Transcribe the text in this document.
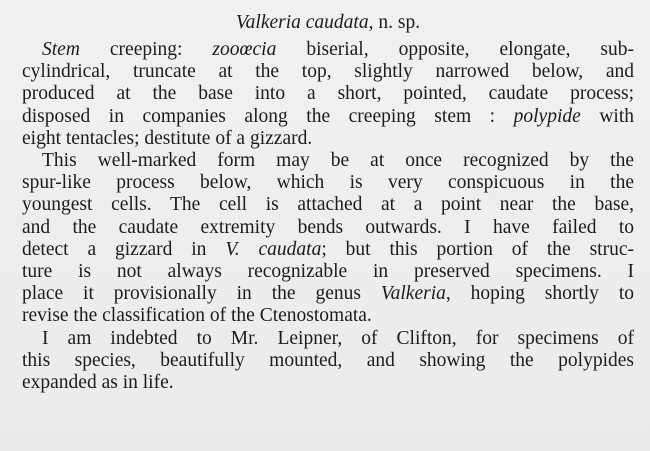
Valkeria caudata, n. sp.
Stem creeping: zooœcia biserial, opposite, elongate, sub-
cylindrical, truncate at the top, slightly narrowed below, and
produced at the base into a short, pointed, caudate process;
disposed in companies along the creeping stem : polypide with
eight tentacles; destitute of a gizzard.
This well-marked form may be at once recognized by the
spur-like process below, which is very conspicuous in the
youngest cells. The cell is attached at a point near the base,
and the caudate extremity bends outwards. I have failed to
detect a gizzard in V. caudata; but this portion of the struc-
ture is not always recognizable in preserved specimens. I
place it provisionally in the genus Valkeria, hoping shortly to
revise the classification of the Ctenostomata.
I am indebted to Mr. Leipner, of Clifton, for specimens of
this species, beautifully mounted, and showing the polypides
expanded as in life.
